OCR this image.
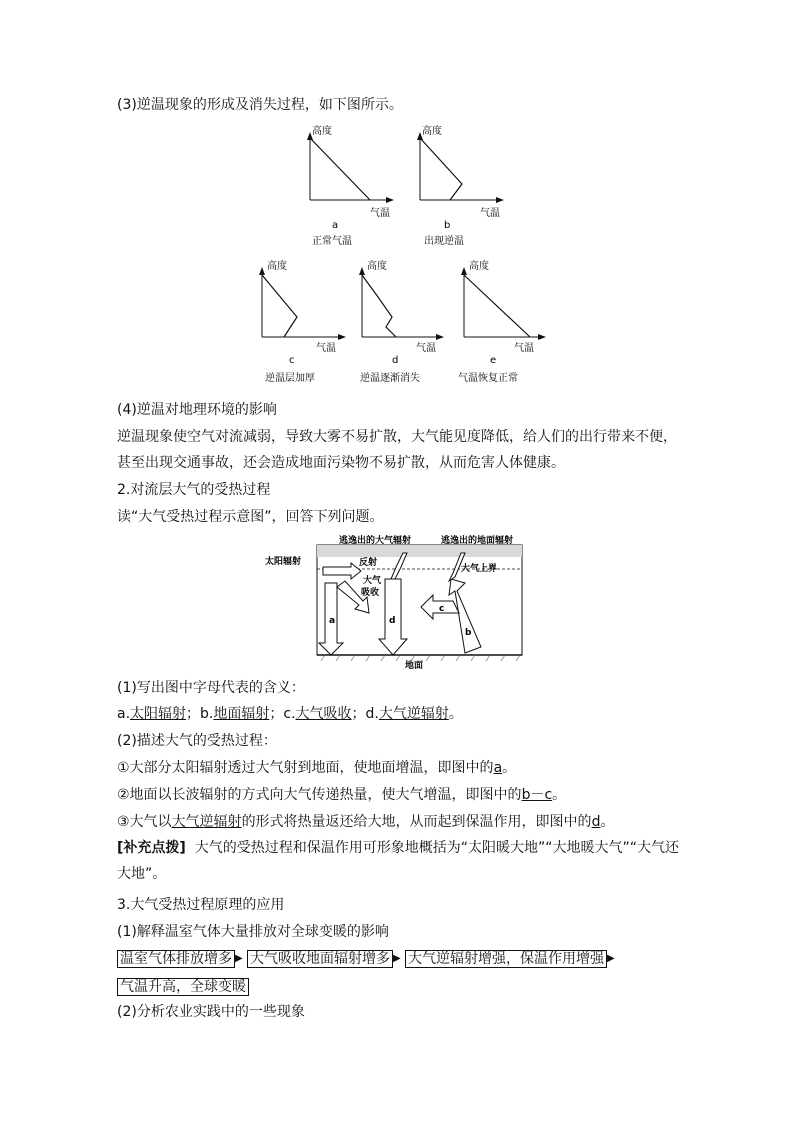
(3)逆温现象的形成及消失过程，如下图所示。
高度
气温
a
正常气温
高度
气温
b
出现逆温
高度
气温
c
逆温层加厚
高度
气温
d
逆温逐渐消失
高度
气温
e
气温恢复正常
(4)逆温对地理环境的影响
逆温现象使空气对流减弱，导致大雾不易扩散，大气能见度降低，给人们的出行带来不便，甚至出现交通事故，还会造成地面污染物不易扩散，从而危害人体健康。
2.对流层大气的受热过程
读“大气受热过程示意图”，回答下列问题。
太阳辐射
逃逸出的大气辐射	逃逸出的地面辐射
反射
大气
吸收
大气上界
地面
a
b
c
d
(1)写出图中字母代表的含义：
a.太阳辐射；b.地面辐射；c.大气吸收；d.大气逆辐射。
(2)描述大气的受热过程：
①大部分太阳辐射透过大气射到地面，使地面增温，即图中的a。
②地面以长波辐射的方式向大气传递热量，使大气增温，即图中的b－c。
③大气以大气逆辐射的形式将热量返还给大地，从而起到保温作用，即图中的d。
[补充点拨] 大气的受热过程和保温作用可形象地概括为“太阳暖大地”“大地暖大气”“大气还大地”。
3.大气受热过程原理的应用
(1)解释温室气体大量排放对全球变暖的影响
温室气体排放增多 ▶ 大气吸收地面辐射增多 ▶ 大气逆辐射增强，保温作用增强 ▶
气温升高，全球变暖
(2)分析农业实践中的一些现象
